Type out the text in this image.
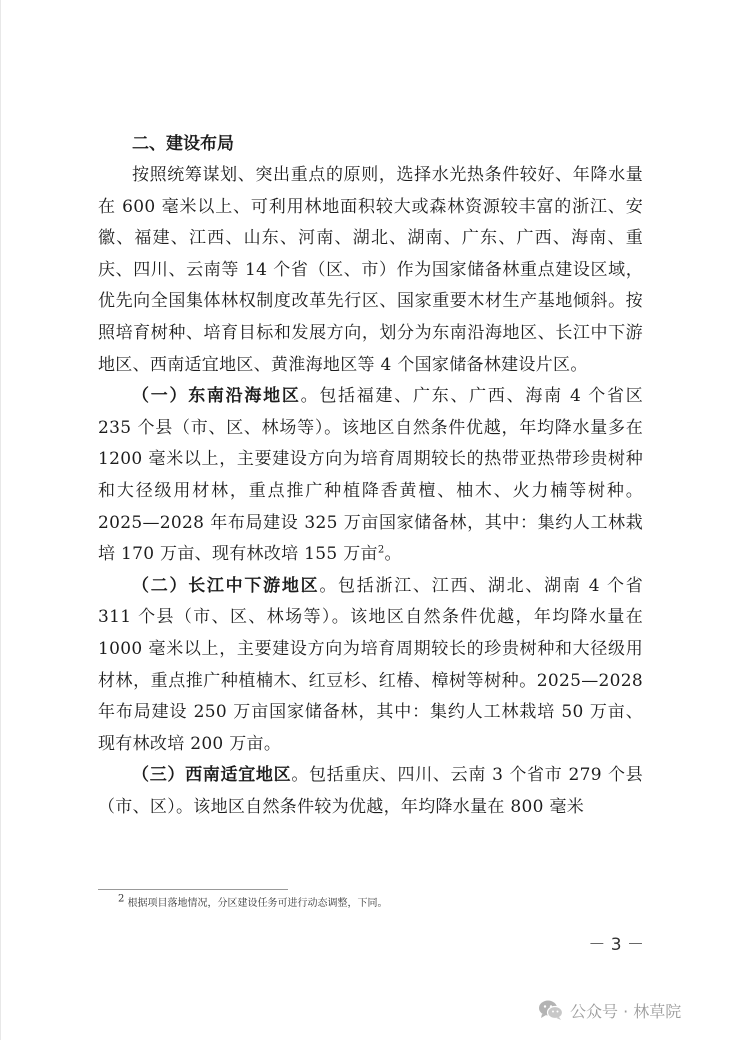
二、建设布局

按照统筹谋划、突出重点的原则，选择水光热条件较好、年降水量在 600 毫米以上、可利用林地面积较大或森林资源较丰富的浙江、安徽、福建、江西、山东、河南、湖北、湖南、广东、广西、海南、重庆、四川、云南等 14 个省（区、市）作为国家储备林重点建设区域，优先向全国集体林权制度改革先行区、国家重要木材生产基地倾斜。按照培育树种、培育目标和发展方向，划分为东南沿海地区、长江中下游地区、西南适宜地区、黄淮海地区等 4 个国家储备林建设片区。

（一）东南沿海地区。包括福建、广东、广西、海南 4 个省区 235 个县（市、区、林场等）。该地区自然条件优越，年均降水量多在 1200 毫米以上，主要建设方向为培育周期较长的热带亚热带珍贵树种和大径级用材林，重点推广种植降香黄檀、柚木、火力楠等树种。2025—2028 年布局建设 325 万亩国家储备林，其中：集约人工林栽培 170 万亩、现有林改培 155 万亩$^2$。

（二）长江中下游地区。包括浙江、江西、湖北、湖南 4 个省 311 个县（市、区、林场等）。该地区自然条件优越，年均降水量在 1000 毫米以上，主要建设方向为培育周期较长的珍贵树种和大径级用材林，重点推广种植楠木、红豆杉、红椿、樟树等树种。2025—2028 年布局建设 250 万亩国家储备林，其中：集约人工林栽培 50 万亩、现有林改培 200 万亩。

（三）西南适宜地区。包括重庆、四川、云南 3 个省市 279 个县（市、区）。该地区自然条件较为优越，年均降水量在 800 毫米

$^2$ 根据项目落地情况，分区建设任务可进行动态调整，下同。
－ 3 －
公众号 · 林草院
